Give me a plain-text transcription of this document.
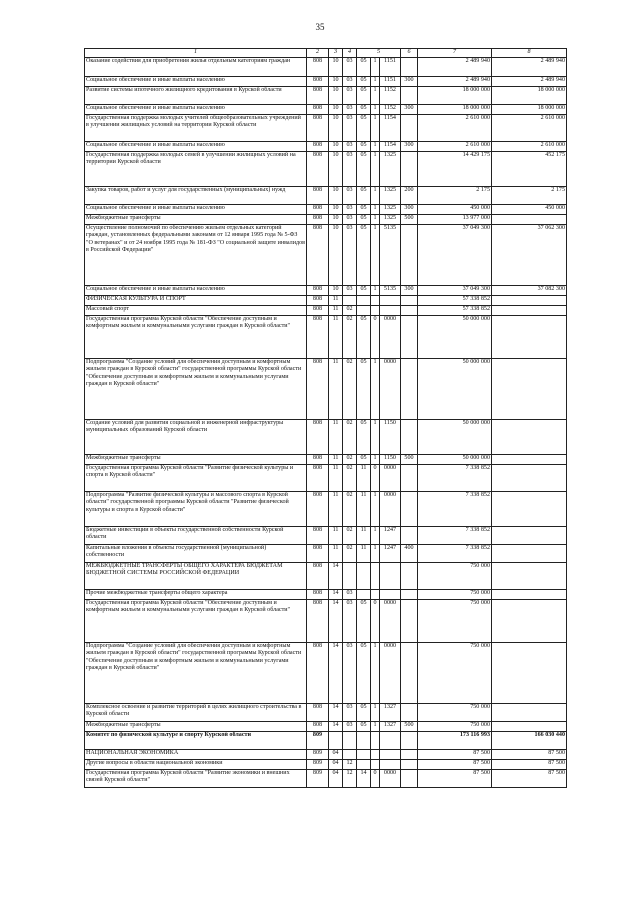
35
1	2	3	4	5			6	7	8
Оказание содействия для приобретения жилья отдельным категориям граждан	808	10	03	05	1	1151		2 489 940	2 489 940
Социальное обеспечение и иные выплаты населению	808	10	03	05	1	1151	300	2 489 940	2 489 940
Развитие системы ипотечного жилищного кредитования в Курской области	808	10	03	05	1	1152		18 000 000	18 000 000
Социальное обеспечение и иные выплаты населению	808	10	03	05	1	1152	300	18 000 000	18 000 000
Государственная поддержка молодых учителей общеобразовательных учреждений в улучшении жилищных условий на территории Курской области	808	10	03	05	1	1154		2 610 000	2 610 000
Социальное обеспечение и иные выплаты населению	808	10	03	05	1	1154	300	2 610 000	2 610 000
Государственная поддержка молодых семей в улучшении жилищных условий на территории Курской области	808	10	03	05	1	1325		14 429 175	452 175
Закупка товаров, работ и услуг для государственных (муниципальных) нужд	808	10	03	05	1	1325	200	2 175	2 175
Социальное обеспечение и иные выплаты населению	808	10	03	05	1	1325	300	450 000	450 000
Межбюджетные трансферты	808	10	03	05	1	1325	500	13 977 000	
Осуществление полномочий по обеспечению жильем отдельных категорий граждан, установленных федеральными законами от 12 января 1995 года № 5-ФЗ "О ветеранах" и от 24 ноября 1995 года № 181-ФЗ "О социальной защите инвалидов в Российской Федерации"	808	10	03	05	1	5135		37 049 300	37 062 300
Социальное обеспечение и иные выплаты населению	808	10	03	05	1	5135	300	37 049 300	37 082 300
ФИЗИЧЕСКАЯ КУЛЬТУРА И СПОРТ	808	11						57 338 852	
Массовый спорт	808	11	02					57 338 852	
Государственная программа Курской области "Обеспечение доступным и комфортным жильем и коммунальными услугами граждан в Курской области"	808	11	02	05	0	0000		50 000 000	
Подпрограмма "Создание условий для обеспечения доступным и комфортным жильем граждан в Курской области" государственной программы Курской области "Обеспечение доступным и комфортным жильем и коммунальными услугами граждан в Курской области"	808	11	02	05	1	0000		50 000 000	
Создание условий для развития социальной и инженерной инфраструктуры муниципальных образований Курской области	808	11	02	05	1	1150		50 000 000	
Межбюджетные трансферты	808	11	02	05	1	1150	500	50 000 000	
Государственная программа Курской области "Развитие физической культуры и спорта в Курской области"	808	11	02	11	0	0000		7 338 852	
Подпрограмма "Развитие физической культуры и массового спорта в Курской области" государственной программы Курской области "Развитие физической культуры и спорта в Курской области"	808	11	02	11	1	0000		7 338 852	
Бюджетные инвестиции в объекты государственной собственности Курской области	808	11	02	11	1	1247		7 338 852	
Капитальные вложения в объекты государственной (муниципальной) собственности	808	11	02	11	1	1247	400	7 338 852	
МЕЖБЮДЖЕТНЫЕ ТРАНСФЕРТЫ ОБЩЕГО ХАРАКТЕРА БЮДЖЕТАМ БЮДЖЕТНОЙ СИСТЕМЫ РОССИЙСКОЙ ФЕДЕРАЦИИ	808	14						750 000	
Прочие межбюджетные трансферты общего характера	808	14	03					750 000	
Государственная программа Курской области "Обеспечение доступным и комфортным жильем и коммунальными услугами граждан в Курской области"	808	14	03	05	0	0000		750 000	
Подпрограмма "Создание условий для обеспечения доступным и комфортным жильем граждан в Курской области" государственной программы Курской области "Обеспечение доступным и комфортным жильем и коммунальными услугами граждан в Курской области"	808	14	03	05	1	0000		750 000	
Комплексное освоение и развитие территорий в целях жилищного строительства в Курской области	808	14	03	05	1	1327		750 000	
Межбюджетные трансферты	808	14	03	05	1	1327	500	750 000	
Комитет по физической культуре и спорту Курской области	809							173 116 993	166 030 440
НАЦИОНАЛЬНАЯ ЭКОНОМИКА	809	04						87 500	87 500
Другие вопросы в области национальной экономики	809	04	12					87 500	87 500
Государственная программа Курской области "Развитие экономики и внешних связей Курской области"	809	04	12	14	0	0000		87 500	87 500
